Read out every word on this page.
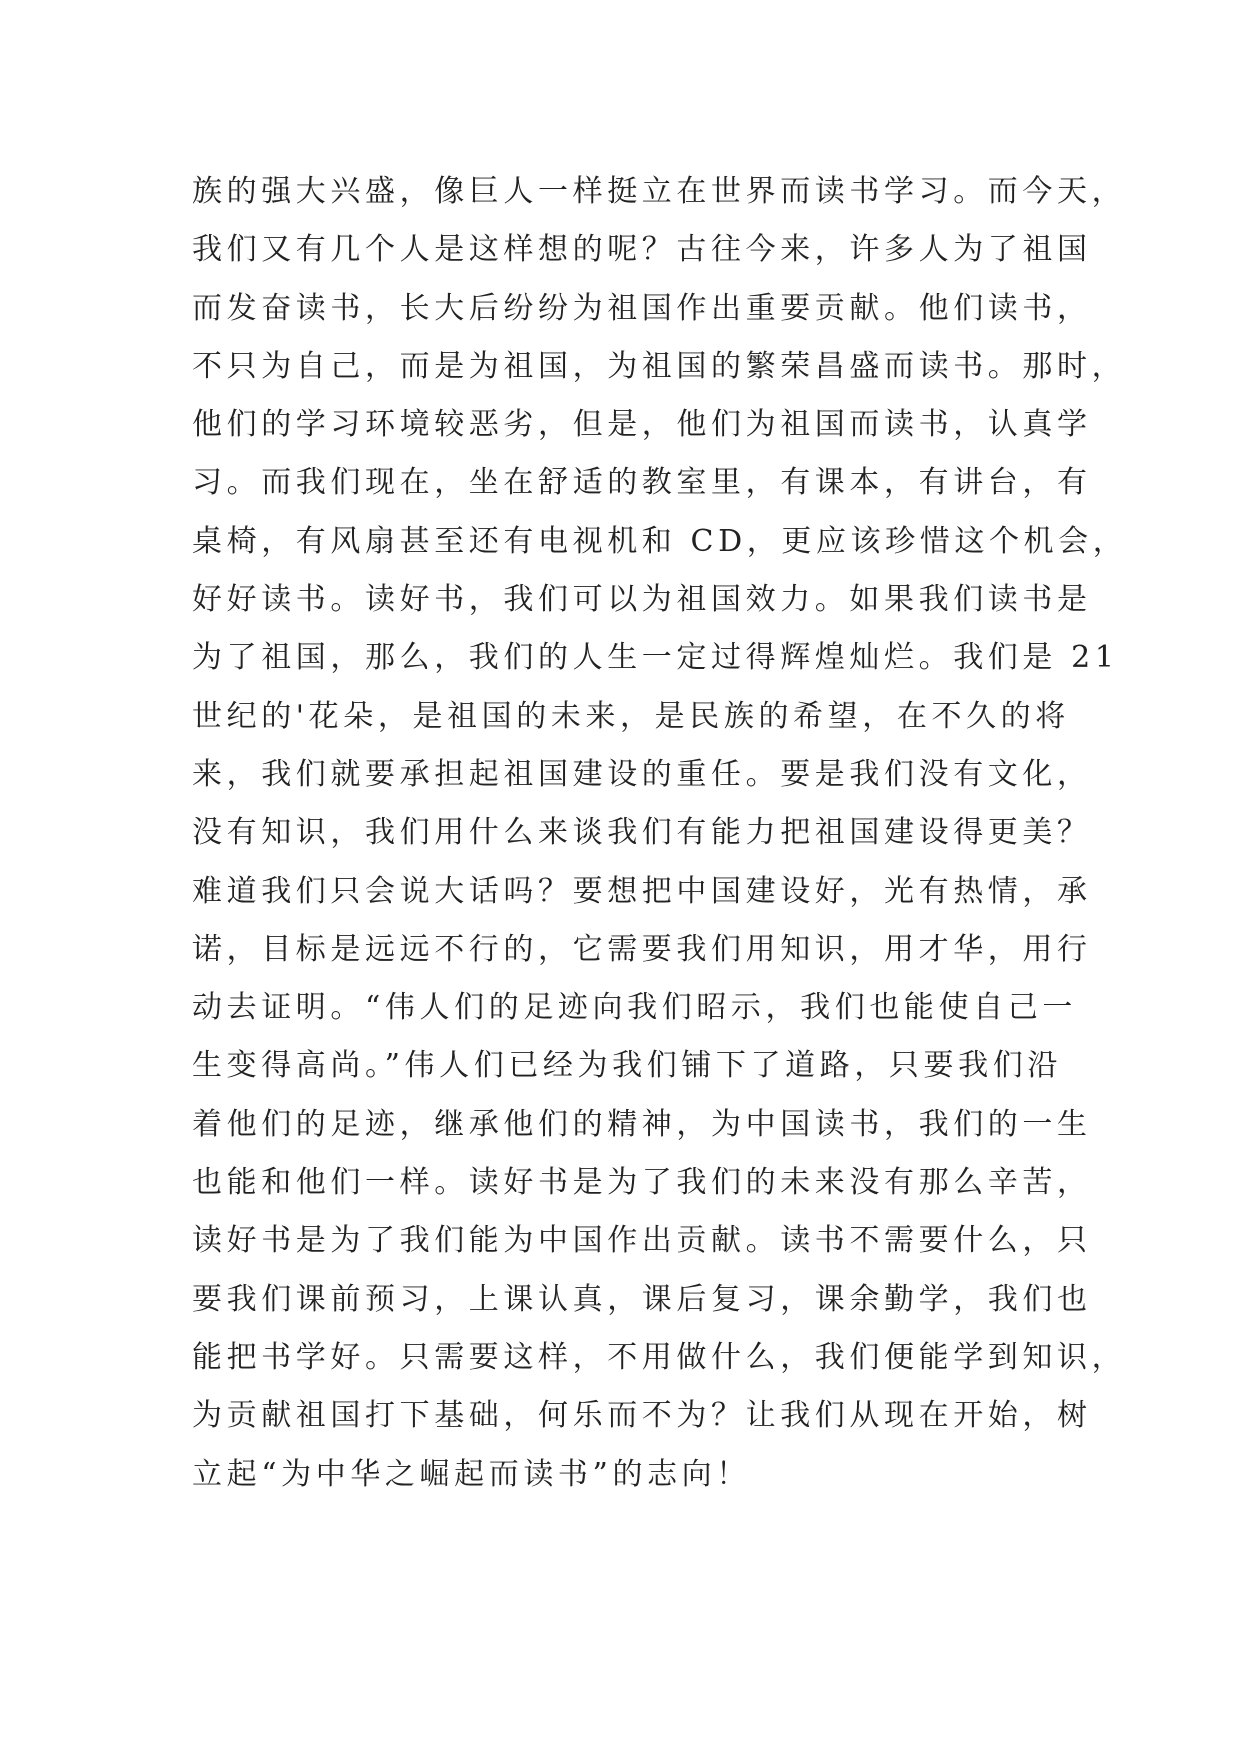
族的强大兴盛，像巨人一样挺立在世界而读书学习。而今天，
我们又有几个人是这样想的呢？古往今来，许多人为了祖国
而发奋读书，长大后纷纷为祖国作出重要贡献。他们读书，
不只为自己，而是为祖国，为祖国的繁荣昌盛而读书。那时，
他们的学习环境较恶劣，但是，他们为祖国而读书，认真学
习。而我们现在，坐在舒适的教室里，有课本，有讲台，有
桌椅，有风扇甚至还有电视机和 CD，更应该珍惜这个机会，
好好读书。读好书，我们可以为祖国效力。如果我们读书是
为了祖国，那么，我们的人生一定过得辉煌灿烂。我们是 21
世纪的'花朵，是祖国的未来，是民族的希望，在不久的将
来，我们就要承担起祖国建设的重任。要是我们没有文化，
没有知识，我们用什么来谈我们有能力把祖国建设得更美？
难道我们只会说大话吗？要想把中国建设好，光有热情，承
诺，目标是远远不行的，它需要我们用知识，用才华，用行
动去证明。“伟人们的足迹向我们昭示，我们也能使自己一
生变得高尚。”伟人们已经为我们铺下了道路，只要我们沿
着他们的足迹，继承他们的精神，为中国读书，我们的一生
也能和他们一样。读好书是为了我们的未来没有那么辛苦，
读好书是为了我们能为中国作出贡献。读书不需要什么，只
要我们课前预习，上课认真，课后复习，课余勤学，我们也
能把书学好。只需要这样，不用做什么，我们便能学到知识，
为贡献祖国打下基础，何乐而不为？让我们从现在开始，树
立起“为中华之崛起而读书”的志向！
